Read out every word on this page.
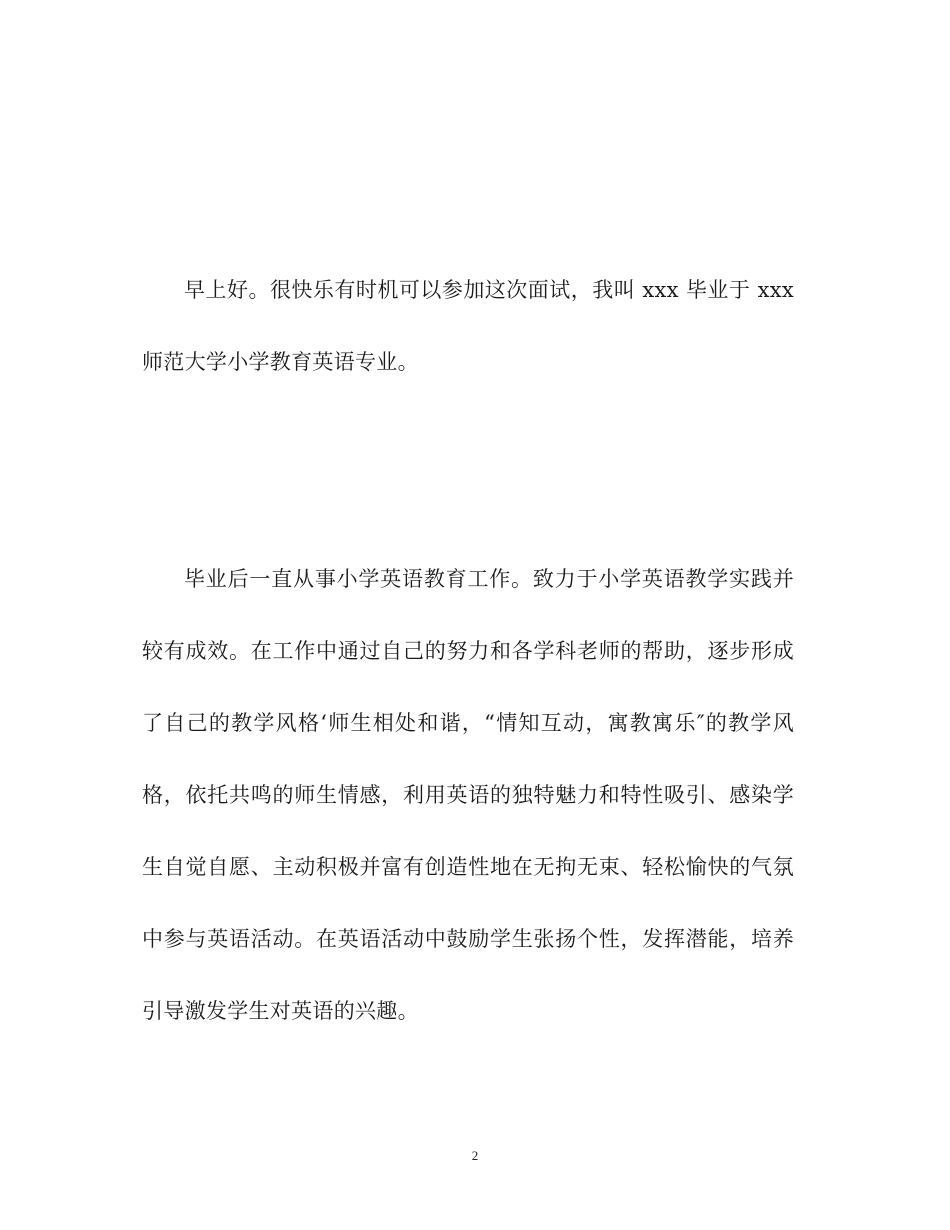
早上好。很快乐有时机可以参加这次面试，我叫 xxx 毕业于 xxx 师范大学小学教育英语专业。

毕业后一直从事小学英语教育工作。致力于小学英语教学实践并较有成效。在工作中通过自己的努力和各学科老师的帮助，逐步形成了自己的教学风格‘师生相处和谐，“情知互动，寓教寓乐″的教学风格，依托共鸣的师生情感，利用英语的独特魅力和特性吸引、感染学生自觉自愿、主动积极并富有创造性地在无拘无束、轻松愉快的气氛中参与英语活动。在英语活动中鼓励学生张扬个性，发挥潜能，培养引导激发学生对英语的兴趣。

2
